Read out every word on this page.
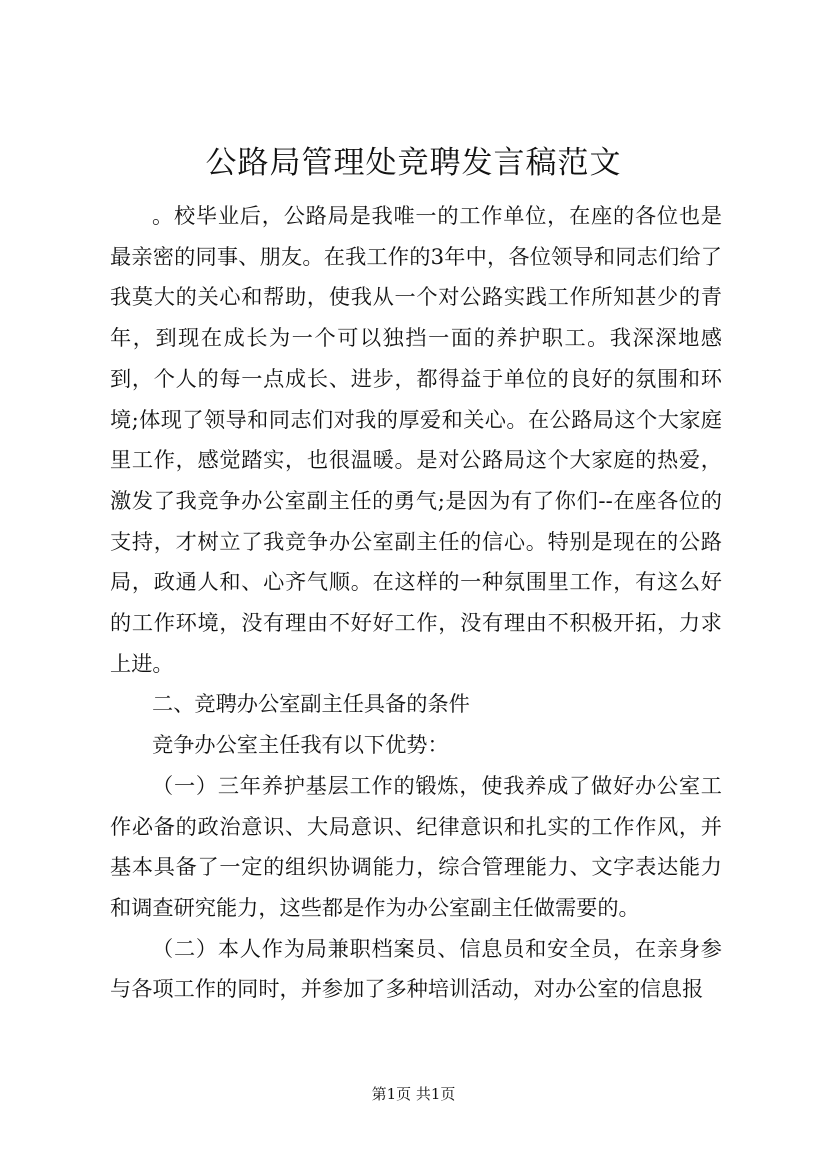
公路局管理处竞聘发言稿范文

。校毕业后，公路局是我唯一的工作单位，在座的各位也是最亲密的同事、朋友。在我工作的3年中，各位领导和同志们给了我莫大的关心和帮助，使我从一个对公路实践工作所知甚少的青年，到现在成长为一个可以独挡一面的养护职工。我深深地感到，个人的每一点成长、进步，都得益于单位的良好的氛围和环境;体现了领导和同志们对我的厚爱和关心。在公路局这个大家庭里工作，感觉踏实，也很温暖。是对公路局这个大家庭的热爱，激发了我竞争办公室副主任的勇气;是因为有了你们--在座各位的支持，才树立了我竞争办公室副主任的信心。特别是现在的公路局，政通人和、心齐气顺。在这样的一种氛围里工作，有这么好的工作环境，没有理由不好好工作，没有理由不积极开拓，力求上进。

二、竞聘办公室副主任具备的条件

竞争办公室主任我有以下优势：

（一）三年养护基层工作的锻炼，使我养成了做好办公室工作必备的政治意识、大局意识、纪律意识和扎实的工作作风，并基本具备了一定的组织协调能力，综合管理能力、文字表达能力和调查研究能力，这些都是作为办公室副主任做需要的。

（二）本人作为局兼职档案员、信息员和安全员，在亲身参与各项工作的同时，并参加了多种培训活动，对办公室的信息报

第1页 共1页
